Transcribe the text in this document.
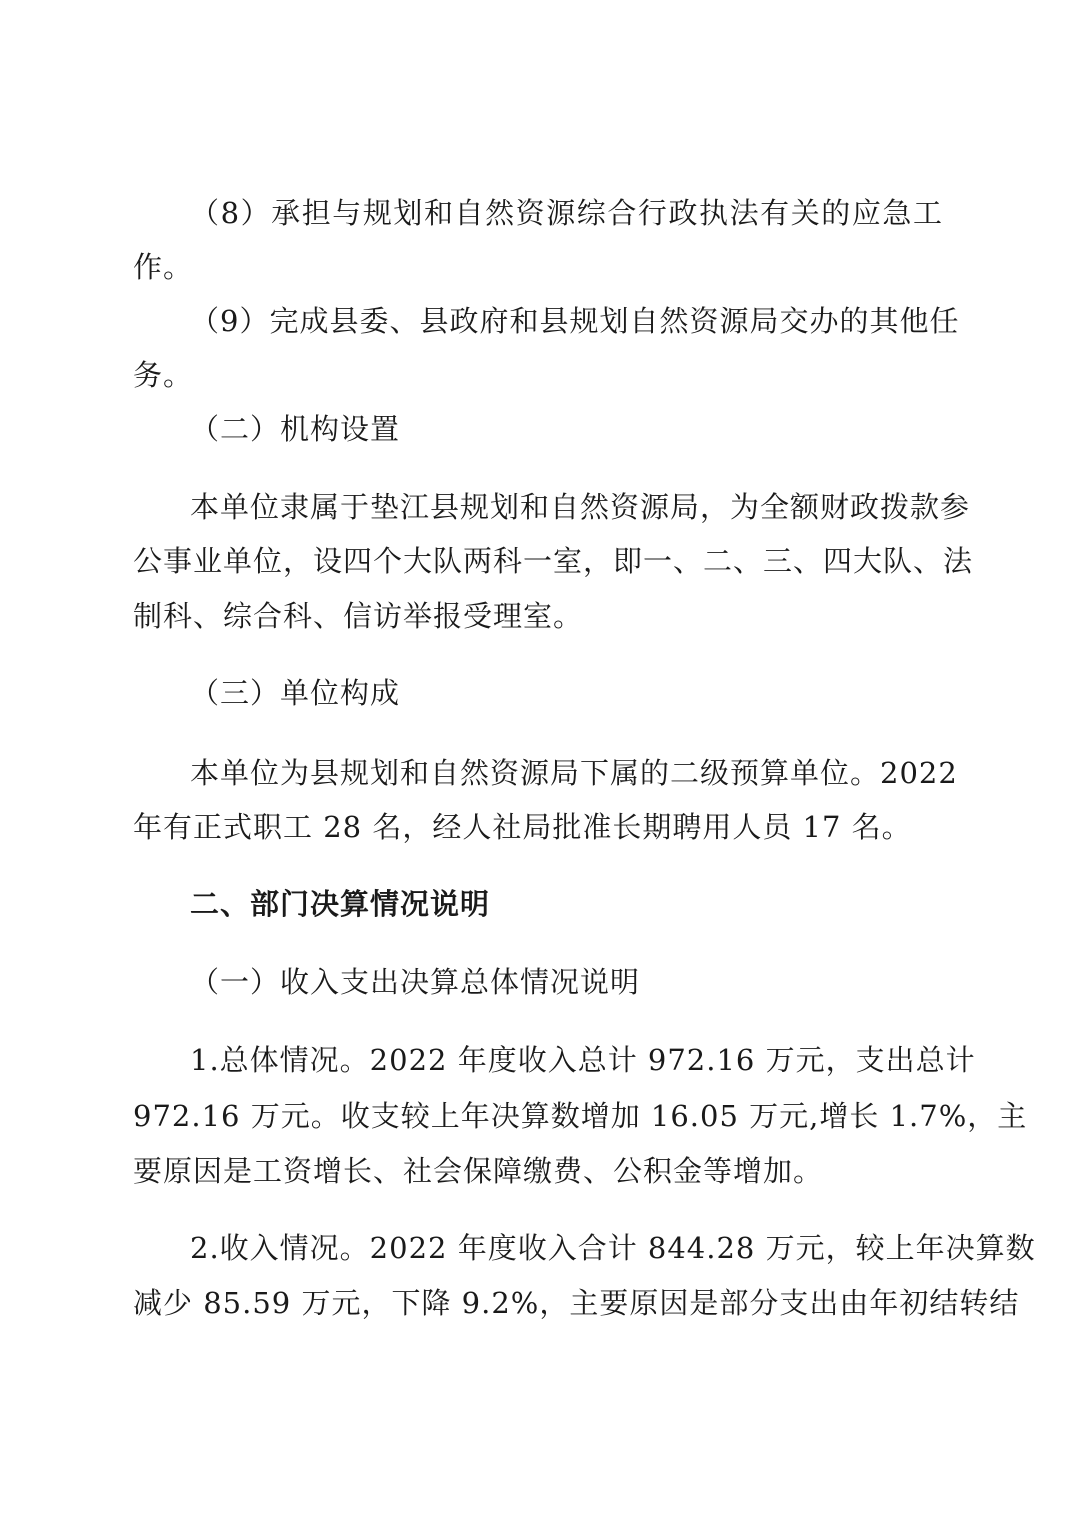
（8）承担与规划和自然资源综合行政执法有关的应急工
作。
（9）完成县委、县政府和县规划自然资源局交办的其他任
务。
（二）机构设置
本单位隶属于垫江县规划和自然资源局，为全额财政拨款参
公事业单位，设四个大队两科一室，即一、二、三、四大队、法
制科、综合科、信访举报受理室。
（三）单位构成
本单位为县规划和自然资源局下属的二级预算单位。2022
年有正式职工 28 名，经人社局批准长期聘用人员 17 名。
二、部门决算情况说明
（一）收入支出决算总体情况说明
1.总体情况。2022 年度收入总计 972.16 万元，支出总计
972.16 万元。收支较上年决算数增加 16.05 万元,增长 1.7%，主
要原因是工资增长、社会保障缴费、公积金等增加。
2.收入情况。2022 年度收入合计 844.28 万元，较上年决算数
减少 85.59 万元，下降 9.2%，主要原因是部分支出由年初结转结
